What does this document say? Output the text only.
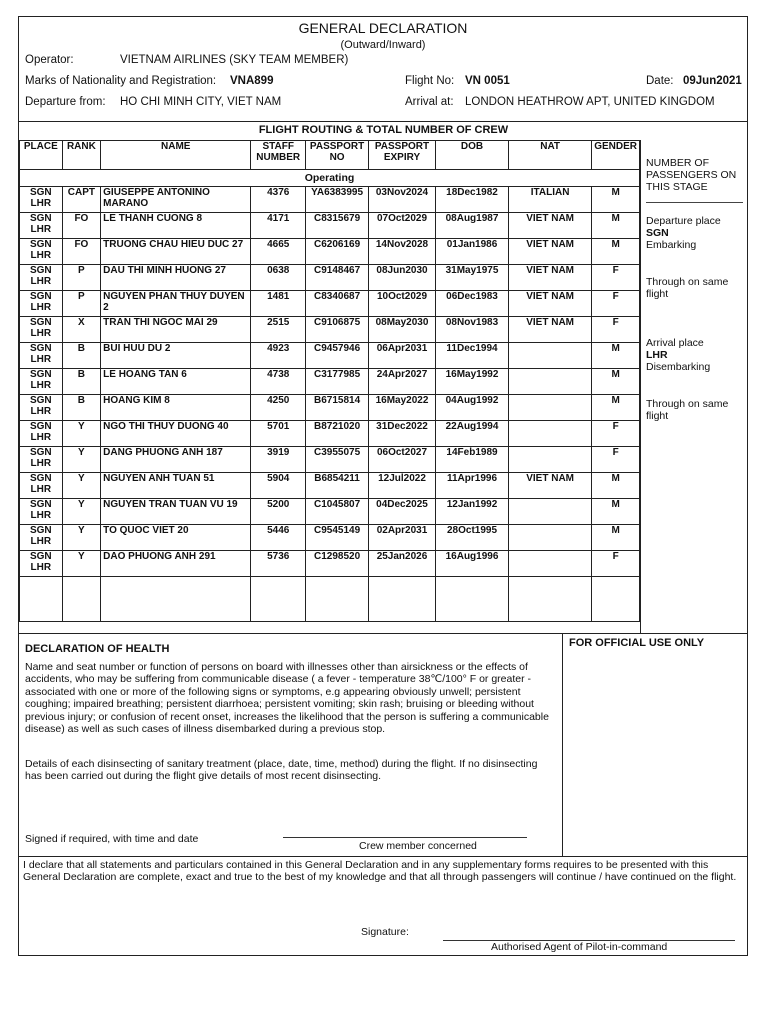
GENERAL DECLARATION
(Outward/Inward)
Operator:	VIETNAM AIRLINES (SKY TEAM MEMBER)
Marks of Nationality and Registration: VNA899	Flight No: VN 0051	Date: 09Jun2021
Departure from: HO CHI MINH CITY, VIET NAM	Arrival at: LONDON HEATHROW APT, UNITED KINGDOM
FLIGHT ROUTING & TOTAL NUMBER OF CREW
PLACE	RANK	NAME	STAFF NUMBER	PASSPORT NO	PASSPORT EXPIRY	DOB	NAT	GENDER
Operating								
SGN LHR	CAPT	GIUSEPPE ANTONINO MARANO	4376	YA6383995	03Nov2024	18Dec1982	ITALIAN	M
SGN LHR	FO	LE THANH CUONG 8	4171	C8315679	07Oct2029	08Aug1987	VIET NAM	M
SGN LHR	FO	TRUONG CHAU HIEU DUC 27	4665	C6206169	14Nov2028	01Jan1986	VIET NAM	M
SGN LHR	P	DAU THI MINH HUONG 27	0638	C9148467	08Jun2030	31May1975	VIET NAM	F
SGN LHR	P	NGUYEN PHAN THUY DUYEN 2	1481	C8340687	10Oct2029	06Dec1983	VIET NAM	F
SGN LHR	X	TRAN THI NGOC MAI 29	2515	C9106875	08May2030	08Nov1983	VIET NAM	F
SGN LHR	B	BUI HUU DU 2	4923	C9457946	06Apr2031	11Dec1994		M
SGN LHR	B	LE HOANG TAN 6	4738	C3177985	24Apr2027	16May1992		M
SGN LHR	B	HOANG KIM 8	4250	B6715814	16May2022	04Aug1992		M
SGN LHR	Y	NGO THI THUY DUONG 40	5701	B8721020	31Dec2022	22Aug1994		F
SGN LHR	Y	DANG PHUONG ANH 187	3919	C3955075	06Oct2027	14Feb1989		F
SGN LHR	Y	NGUYEN ANH TUAN 51	5904	B6854211	12Jul2022	11Apr1996	VIET NAM	M
SGN LHR	Y	NGUYEN TRAN TUAN VU 19	5200	C1045807	04Dec2025	12Jan1992		M
SGN LHR	Y	TO QUOC VIET 20	5446	C9545149	02Apr2031	28Oct1995		M
SGN LHR	Y	DAO PHUONG ANH 291	5736	C1298520	25Jan2026	16Aug1996		F

NUMBER OF PASSENGERS ON THIS STAGE
Departure place
SGN
Embarking
Through on same flight
Arrival place
LHR
Disembarking
Through on same flight
DECLARATION OF HEALTH
Name and seat number or function of persons on board with illnesses other than airsickness or the effects of accidents, who may be suffering from communicable disease ( a fever - temperature 38℃/100° F or greater - associated with one or more of the following signs or symptoms, e.g appearing obviously unwell; persistent coughing; impaired breathing; persistent diarrhoea; persistent vomiting; skin rash; bruising or bleeding without previous injury; or confusion of recent onset, increases the likelihood that the person is suffering a communicable disease) as well as such cases of illness disembarked during a previous stop.
Details of each disinsecting of sanitary treatment (place, date, time, method) during the flight. If no disinsecting has been carried out during the flight give details of most recent disinsecting.
Signed if required, with time and date
Crew member concerned
FOR OFFICIAL USE ONLY
I declare that all statements and particulars contained in this General Declaration and in any supplementary forms requires to be presented with this General Declaration are complete, exact and true to the best of my knowledge and that all through passengers will continue / have continued on the flight.
Signature:
Authorised Agent of Pilot-in-command
